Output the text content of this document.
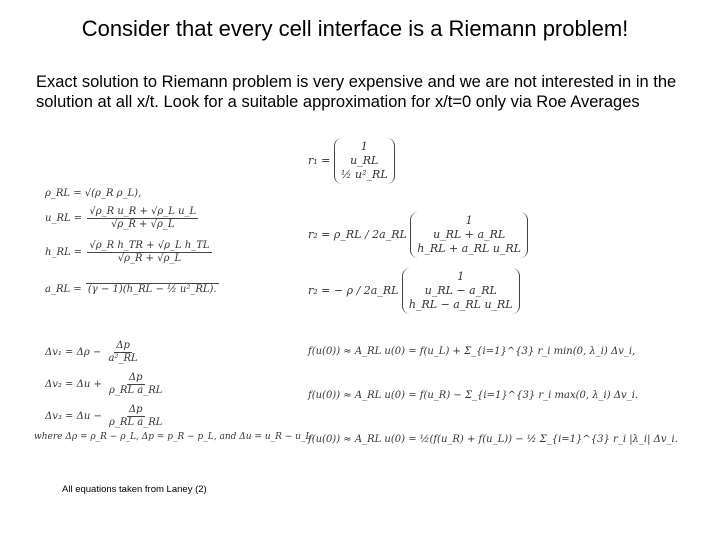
Consider that every cell interface is a Riemann problem!
Exact solution to Riemann problem is very expensive and we are not interested in in the solution at all x/t. Look for a suitable approximation for x/t=0 only via Roe Averages
ρ_RL = √(ρ_R ρ_L),
u_RL = $\frac{\text{√ρ\_R u\_R + √ρ\_L u\_L}}{√\rho\_R + √\rho\_L}$
h_RL = $\frac{\text{√ρ\_R h\_TR + √ρ\_L h\_TL}}{√\rho\_R + √\rho\_L}$
a_RL = (γ − 1)(h_RL − ½ u²_RL).
$\Delta v_1 = \Delta\rho - \frac{\Delta p}{\text{a²\_RL}}$
$\Delta v_2 = \Delta u + \frac{\Delta p}{\text{ρ\_RL a\_RL}}$
$\Delta v_3 = \Delta u - \frac{\Delta p}{\text{ρ\_RL a\_RL}}$
where Δρ = ρ_R − ρ_L, Δp = p_R − p_L, and Δu = u_R − u_L.
r₁ =
1
u_RL
½ u²_RL
r₂ = ρ_RL / 2a_RL
1
u_RL + a_RL
h_RL + a_RL u_RL
r₂ = − ρ / 2a_RL
1
u_RL − a_RL
h_RL − a_RL u_RL
f(u(0)) ≈ A_RL u(0) = f(u_L) + Σ_{i=1}^{3} r_i min(0, λ_i) Δv_i,
f(u(0)) ≈ A_RL u(0) = f(u_R) − Σ_{i=1}^{3} r_i max(0, λ_i) Δv_i.
f(u(0)) ≈ A_RL u(0) = ½(f(u_R) + f(u_L)) − ½ Σ_{i=1}^{3} r_i |λ_i| Δv_i.
All equations taken from Laney (2)
